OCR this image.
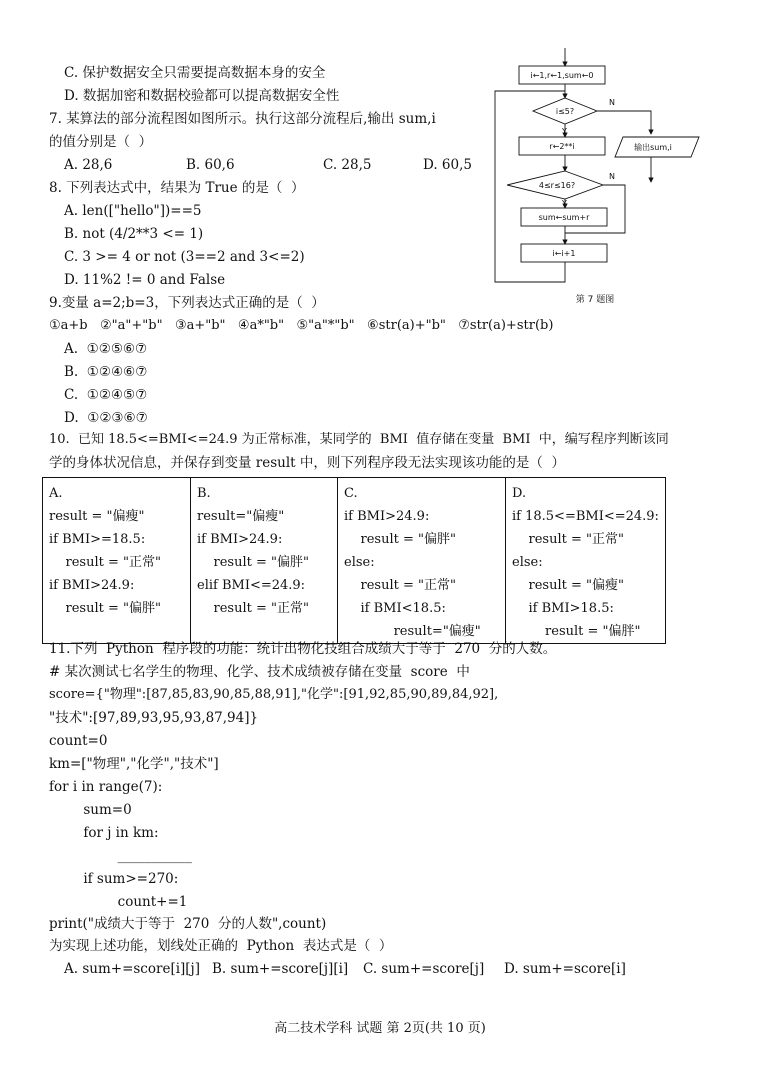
C. 保护数据安全只需要提高数据本身的安全
D. 数据加密和数据校验都可以提高数据安全性
7. 某算法的部分流程图如图所示。执行这部分流程后,输出 sum,i
的值分别是（  ）
A. 28,6	B. 60,6	C. 28,5	D. 60,5
i←1,r←1,sum←0
i≤5?
N
Y
r←2**i	输出sum,i
4≤r≤16?
N
Y
sum←sum+r
i←i+1
第 7 题图
8. 下列表达式中，结果为 True 的是（  ）
A. len(["hello"])==5
B. not (4/2**3 <= 1)
C. 3 >= 4 or not (3==2 and 3<=2)
D. 11%2 != 0 and False
9.变量 a=2;b=3，下列表达式正确的是（  ）
①a+b   ②"a"+"b"   ③a+"b"   ④a*"b"   ⑤"a"*"b"   ⑥str(a)+"b"   ⑦str(a)+str(b)
A.  ①②⑤⑥⑦
B.  ①②④⑥⑦
C.  ①②④⑤⑦
D.  ①②③⑥⑦
10.  已知 18.5<=BMI<=24.9 为正常标准，某同学的  BMI  值存储在变量  BMI  中，编写程序判断该同
学的身体状况信息，并保存到变量 result 中，则下列程序段无法实现该功能的是（  ）
A.
result = "偏瘦"
if BMI>=18.5:
result = "正常"
if BMI>24.9:
result = "偏胖"

B.
result="偏瘦"
if BMI>24.9:
result = "偏胖"
elif BMI<=24.9:
result = "正常"

C.
if BMI>24.9:
result = "偏胖"
else:
result = "正常"
if BMI<18.5:
result="偏瘦"

D.
if 18.5<=BMI<=24.9:
result = "正常"
else:
result = "偏瘦"
if BMI>18.5:
result = "偏胖"
11.下列  Python  程序段的功能：统计出物化技组合成绩大于等于  270  分的人数。
# 某次测试七名学生的物理、化学、技术成绩被存储在变量  score  中
score={"物理":[87,85,83,90,85,88,91],"化学":[91,92,85,90,89,84,92],
"技术":[97,89,93,95,93,87,94]}
count=0
km=["物理","化学","技术"]
for i in range(7):
sum=0
for j in km:
___________
if sum>=270:
count+=1
print("成绩大于等于  270  分的人数",count)
为实现上述功能，划线处正确的  Python  表达式是（  ）
A. sum+=score[i][j] B. sum+=score[j][i] C. sum+=score[j] D. sum+=score[i]
高二技术学科 试题 第 2页(共 10 页)
